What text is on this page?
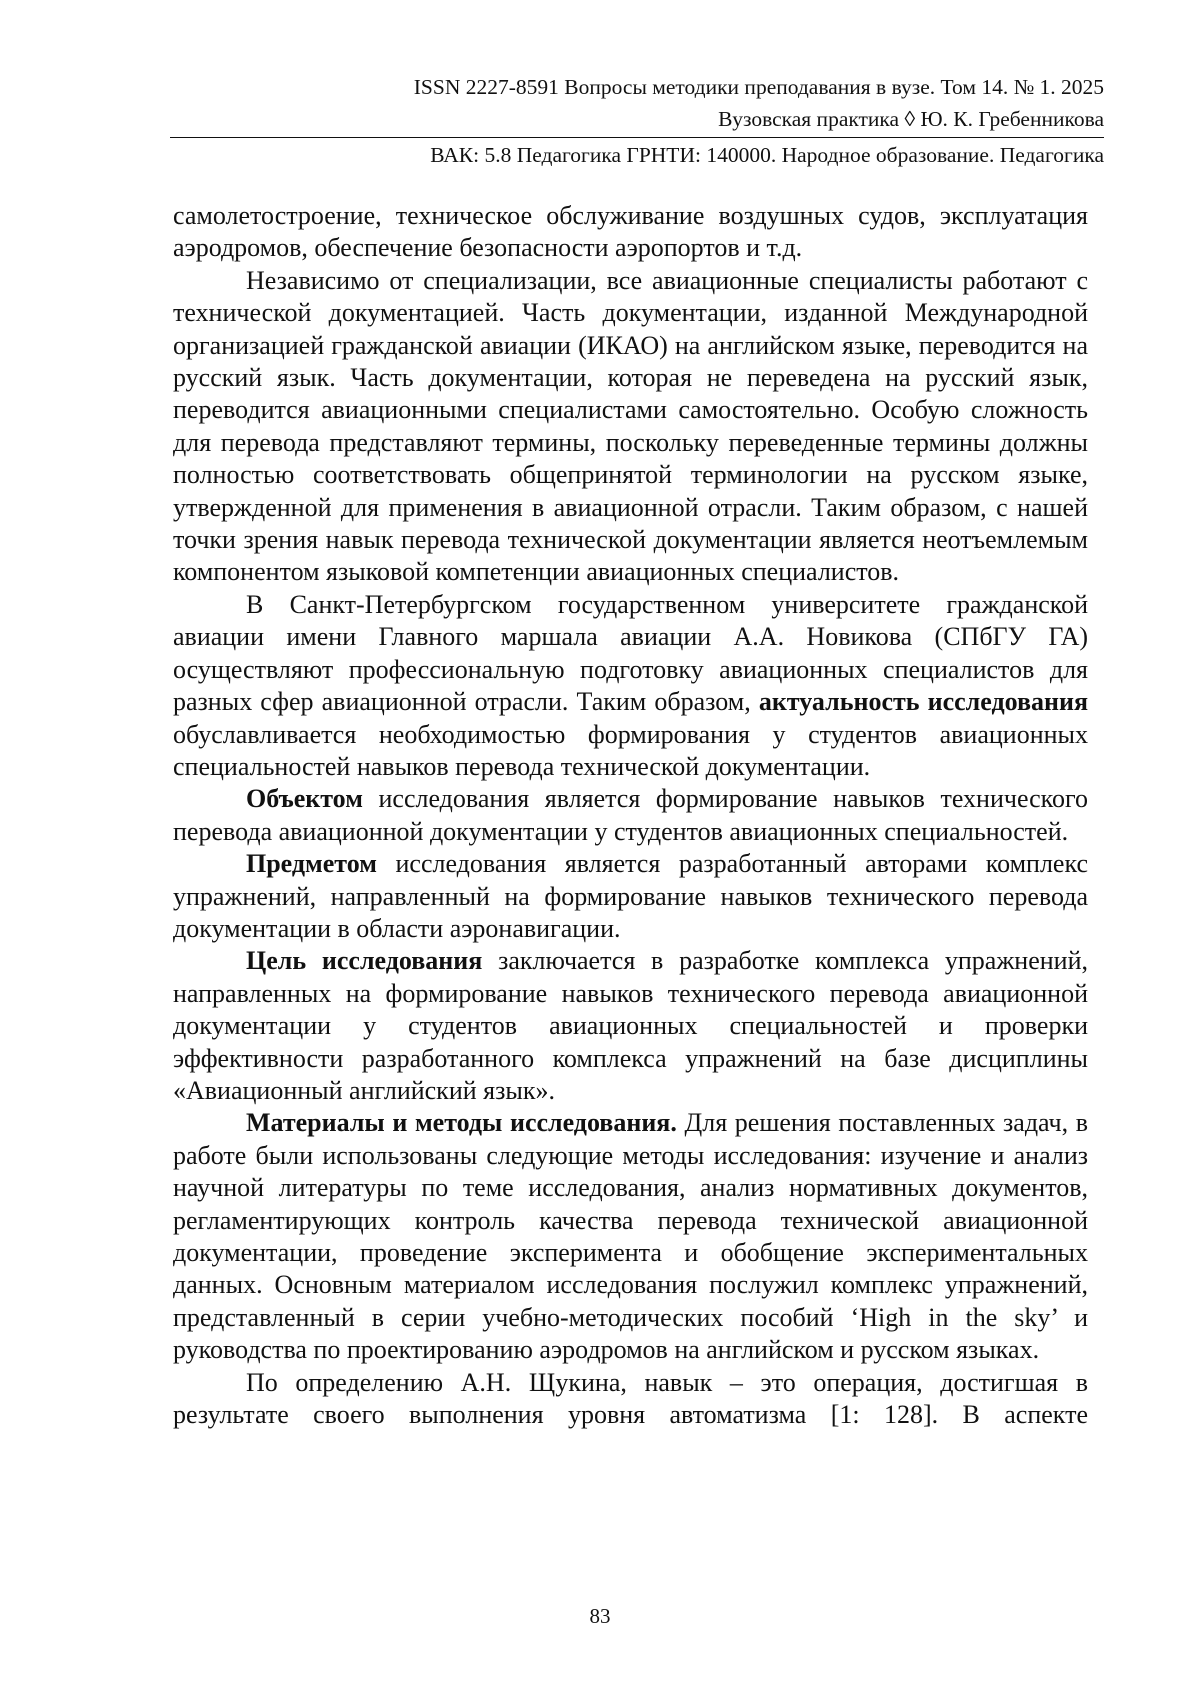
ISSN 2227-8591 Вопросы методики преподавания в вузе. Том 14. № 1. 2025
Вузовская практика ◊ Ю. К. Гребенникова
ВАК: 5.8 Педагогика ГРНТИ: 140000. Народное образование. Педагогика

самолетостроение, техническое обслуживание воздушных судов, эксплуатация аэродромов, обеспечение безопасности аэропортов и т.д.

Независимо от специализации, все авиационные специалисты работают с технической документацией. Часть документации, изданной Международной организацией гражданской авиации (ИКАО) на английском языке, переводится на русский язык. Часть документации, которая не переведена на русский язык, переводится авиационными специалистами самостоятельно. Особую сложность для перевода представляют термины, поскольку переведенные термины должны полностью соответствовать общепринятой терминологии на русском языке, утвержденной для применения в авиационной отрасли. Таким образом, с нашей точки зрения навык перевода технической документации является неотъемлемым компонентом языковой компетенции авиационных специалистов.

В Санкт-Петербургском государственном университете гражданской авиации имени Главного маршала авиации А.А. Новикова (СПбГУ ГА) осуществляют профессиональную подготовку авиационных специалистов для разных сфер авиационной отрасли. Таким образом, актуальность исследования обуславливается необходимостью формирования у студентов авиационных специальностей навыков перевода технической документации.

Объектом исследования является формирование навыков технического перевода авиационной документации у студентов авиационных специальностей.

Предметом исследования является разработанный авторами комплекс упражнений, направленный на формирование навыков технического перевода документации в области аэронавигации.

Цель исследования заключается в разработке комплекса упражнений, направленных на формирование навыков технического перевода авиационной документации у студентов авиационных специальностей и проверки эффективности разработанного комплекса упражнений на базе дисциплины «Авиационный английский язык».

Материалы и методы исследования. Для решения поставленных задач, в работе были использованы следующие методы исследования: изучение и анализ научной литературы по теме исследования, анализ нормативных документов, регламентирующих контроль качества перевода технической авиационной документации, проведение эксперимента и обобщение экспериментальных данных. Основным материалом исследования послужил комплекс упражнений, представленный в серии учебно-методических пособий ‘High in the sky’ и руководства по проектированию аэродромов на английском и русском языках.

По определению А.Н. Щукина, навык – это операция, достигшая в результате своего выполнения уровня автоматизма [1: 128]. В аспекте

83
